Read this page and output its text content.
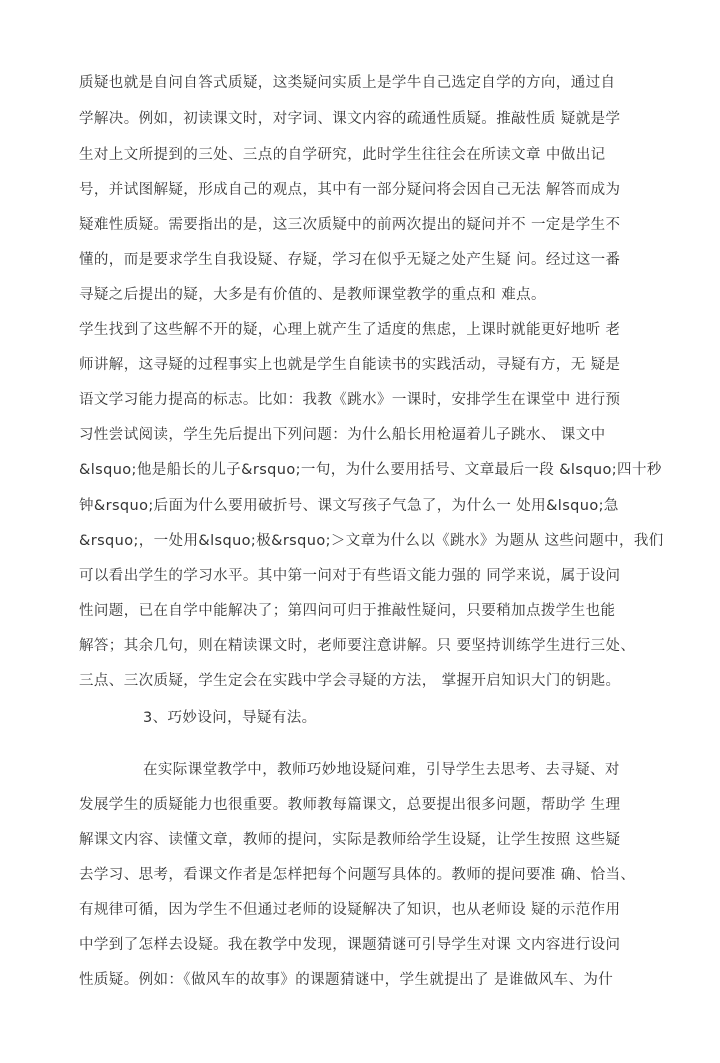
质疑也就是自问自答式质疑，这类疑问实质上是学牛自己选定自学的方向，通过自
学解决。例如，初读课文时，对字词、课文内容的疏通性质疑。推敲性质 疑就是学
生对上文所提到的三处、三点的自学研究，此时学生往往会在所读文章 中做出记
号，并试图解疑，形成自己的观点，其中有一部分疑问将会因自己无法 解答而成为
疑难性质疑。需要指出的是，这三次质疑中的前两次提出的疑问并不 一定是学生不
懂的，而是要求学生自我设疑、存疑，学习在似乎无疑之处产生疑 问。经过这一番
寻疑之后提出的疑，大多是有价值的、是教师课堂教学的重点和 难点。
学生找到了这些解不开的疑，心理上就产生了适度的焦虑，上课时就能更好地听 老
师讲解，这寻疑的过程事实上也就是学生自能读书的实践活动，寻疑有方，无 疑是
语文学习能力提高的标志。比如：我教《跳水》一课时，安排学生在课堂中 进行预
习性尝试阅读，学生先后提出下列问题：为什么船长用枪逼着儿子跳水、 课文中
&lsquo;他是船长的儿子&rsquo;一句，为什么要用括号、文章最后一段 &lsquo;四十秒
钟&rsquo;后面为什么要用破折号、课文写孩子气急了，为什么一 处用&lsquo;急
&rsquo;，一处用&lsquo;极&rsquo;＞文章为什么以《跳水》为题从 这些问题中，我们
可以看出学生的学习水平。其中第一问对于有些语文能力强的 同学来说，属于设问
性问题，已在自学中能解决了；第四问可归于推敲性疑问，只要稍加点拨学生也能
解答；其余几句，则在精读课文时，老师要注意讲解。只 要坚持训练学生进行三处、
三点、三次质疑，学生定会在实践中学会寻疑的方法， 掌握开启知识大门的钥匙。
3、巧妙设问，导疑有法。
在实际课堂教学中，教师巧妙地设疑问难，引导学生去思考、去寻疑、对
发展学生的质疑能力也很重要。教师教每篇课文，总要提出很多问题，帮助学 生理
解课文内容、读懂文章，教师的提问，实际是教师给学生设疑，让学生按照 这些疑
去学习、思考，看课文作者是怎样把每个问题写具体的。教师的提问要准 确、恰当、
有规律可循，因为学生不但通过老师的设疑解决了知识，也从老师设 疑的示范作用
中学到了怎样去设疑。我在教学中发现，课题猜谜可引导学生对课 文内容进行设问
性质疑。例如：《做风车的故事》的课题猜谜中，学生就提出了 是谁做风车、为什
